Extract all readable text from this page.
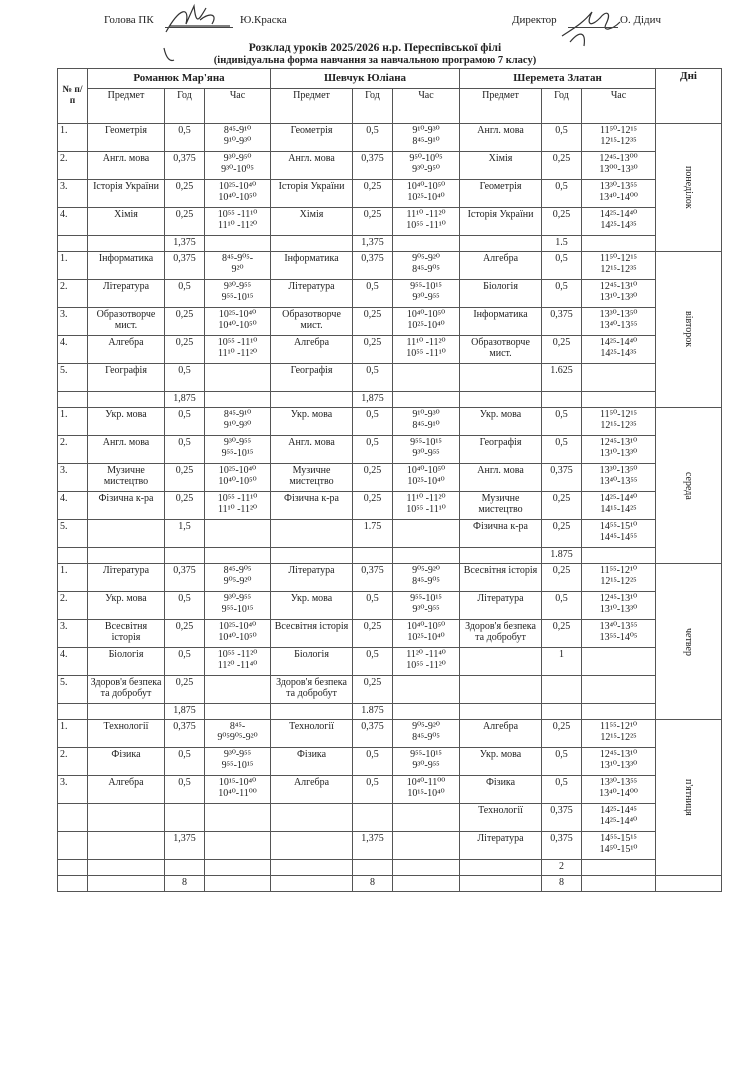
Голова ПК	Ю.Краска	Директор	О. Дідич
Розклад уроків 2025/2026 н.р. Переспівської філі
(індивідуальна форма навчання за навчальною програмою 7 класу)
№ п/п	Романюк Мар'яна			Шевчук Юліана			Шеремета Златан			Дні
	Предмет	Год	Час	Предмет	Год	Час	Предмет	Год	Час	
1.	Геометрія	0,5	8⁴⁵-9¹⁰
9¹⁰-9³⁰	Геометрія	0,5	9¹⁰-9³⁰
8⁴⁵-9¹⁰	Англ. мова	0,5	11⁵⁰-12¹⁵
12¹⁵-12³⁵	понеділок
2.	Англ. мова	0,375	9³⁰-9⁵⁰
9³⁰-10⁰⁵	Англ. мова	0,375	9⁵⁰-10⁰⁵
9³⁰-9⁵⁰	Хімія	0,25	12⁴⁵-13⁰⁰
13⁰⁰-13³⁰	
3.	Історія України	0,25	10²⁵-10⁴⁰
10⁴⁰-10⁵⁰	Історія України	0,25	10⁴⁰-10⁵⁰
10²⁵-10⁴⁰	Геометрія	0,5	13³⁰-13⁵⁵
13⁴⁰-14⁰⁰	
4.	Хімія	0,25	10⁵⁵ -11¹⁰
11¹⁰ -11²⁰	Хімія	0,25	11¹⁰ -11²⁰
10⁵⁵ -11¹⁰	Історія України	0,25	14²⁵-14⁴⁰
14²⁵-14³⁵	
		1,375			1,375			1.5		
1.	Інформатика	0,375	8⁴⁵-9⁰⁵-
9²⁰	Інформатика	0,375	9⁰⁵-9²⁰
8⁴⁵-9⁰⁵	Алгебра	0,5	11⁵⁰-12¹⁵
12¹⁵-12³⁵	вівторок
2.	Література	0,5	9³⁰-9⁵⁵
9⁵⁵-10¹⁵	Література	0,5	9⁵⁵-10¹⁵
9³⁰-9⁵⁵	Біологія	0,5	12⁴⁵-13¹⁰
13¹⁰-13³⁰	
3.	Образотворче мист.	0,25	10²⁵-10⁴⁰
10⁴⁰-10⁵⁰	Образотворче мист.	0,25	10⁴⁰-10⁵⁰
10²⁵-10⁴⁰	Інформатика	0,375	13³⁰-13⁵⁰
13⁴⁰-13⁵⁵	
4.	Алгебра	0,25	10⁵⁵ -11¹⁰
11¹⁰ -11²⁰	Алгебра	0,25	11¹⁰ -11²⁰
10⁵⁵ -11¹⁰	Образотворче мист.	0,25	14²⁵-14⁴⁰
14²⁵-14³⁵	
5.	Географія	0,5		Географія	0,5			1.625		
		1,875			1,875					
1.	Укр. мова	0,5	8⁴⁵-9¹⁰
9¹⁰-9³⁰	Укр. мова	0,5	9¹⁰-9³⁰
8⁴⁵-9¹⁰	Укр. мова	0,5	11⁵⁰-12¹⁵
12¹⁵-12³⁵	середа
2.	Англ. мова	0,5	9³⁰-9⁵⁵
9⁵⁵-10¹⁵	Англ. мова	0,5	9⁵⁵-10¹⁵
9³⁰-9⁵⁵	Географія	0,5	12⁴⁵-13¹⁰
13¹⁰-13³⁰	
3.	Музичне мистецтво	0,25	10²⁵-10⁴⁰
10⁴⁰-10⁵⁰	Музичне мистецтво	0,25	10⁴⁰-10⁵⁰
10²⁵-10⁴⁰	Англ. мова	0,375	13³⁰-13⁵⁰
13⁴⁰-13⁵⁵	
4.	Фізична к-ра	0,25	10⁵⁵ -11¹⁰
11¹⁰ -11²⁰	Фізична к-ра	0,25	11¹⁰ -11²⁰
10⁵⁵ -11¹⁰	Музичне мистецтво	0,25	14²⁵-14⁴⁰
14¹⁵-14²⁵	
5.		1,5			1.75		Фізична к-ра	0,25	14⁵⁵-15¹⁰
14⁴⁵-14⁵⁵	
								1.875		
1.	Література	0,375	8⁴⁵-9⁰⁵
9⁰⁵-9²⁰	Література	0,375	9⁰⁵-9²⁰
8⁴⁵-9⁰⁵	Всесвітня історія	0,25	11⁵⁵-12¹⁰
12¹⁵-12²⁵	четвер
2.	Укр. мова	0,5	9³⁰-9⁵⁵
9⁵⁵-10¹⁵	Укр. мова	0,5	9⁵⁵-10¹⁵
9³⁰-9⁵⁵	Література	0,5	12⁴⁵-13¹⁰
13¹⁰-13³⁰	
3.	Всесвітня історія	0,25	10²⁵-10⁴⁰
10⁴⁰-10⁵⁰	Всесвітня історія	0,25	10⁴⁰-10⁵⁰
10²⁵-10⁴⁰	Здоров'я безпека та добробут	0,25	13⁴⁰-13⁵⁵
13⁵⁵-14⁰⁵	
4.	Біологія	0,5	10⁵⁵ -11²⁰
11²⁰ -11⁴⁰	Біологія	0,5	11²⁰ -11⁴⁰
10⁵⁵ -11²⁰		1		
5.	Здоров'я безпека та добробут	0,25		Здоров'я безпека та добробут	0,25					
		1,875			1.875					
1.	Технології	0,375	8⁴⁵-
9⁰⁵9⁰⁵-9²⁰	Технології	0,375	9⁰⁵-9²⁰
8⁴⁵-9⁰⁵	Алгебра	0,25	11⁵⁵-12¹⁰
12¹⁵-12²⁵	п'ятниця
2.	Фізика	0,5	9³⁰-9⁵⁵
9⁵⁵-10¹⁵	Фізика	0,5	9⁵⁵-10¹⁵
9³⁰-9⁵⁵	Укр. мова	0,5	12⁴⁵-13¹⁰
13¹⁰-13³⁰	
3.	Алгебра	0,5	10¹⁵-10⁴⁰
10⁴⁰-11⁰⁰	Алгебра	0,5	10⁴⁰-11⁰⁰
10¹⁵-10⁴⁰	Фізика	0,5	13³⁰-13⁵⁵
13⁴⁰-14⁰⁰	
							Технології	0,375	14²⁵-14⁴⁵
14²⁵-14⁴⁰	
		1,375			1,375		Література	0,375	14⁵⁵-15¹⁵
14⁵⁰-15¹⁰	
								2		
		8			8			8		
